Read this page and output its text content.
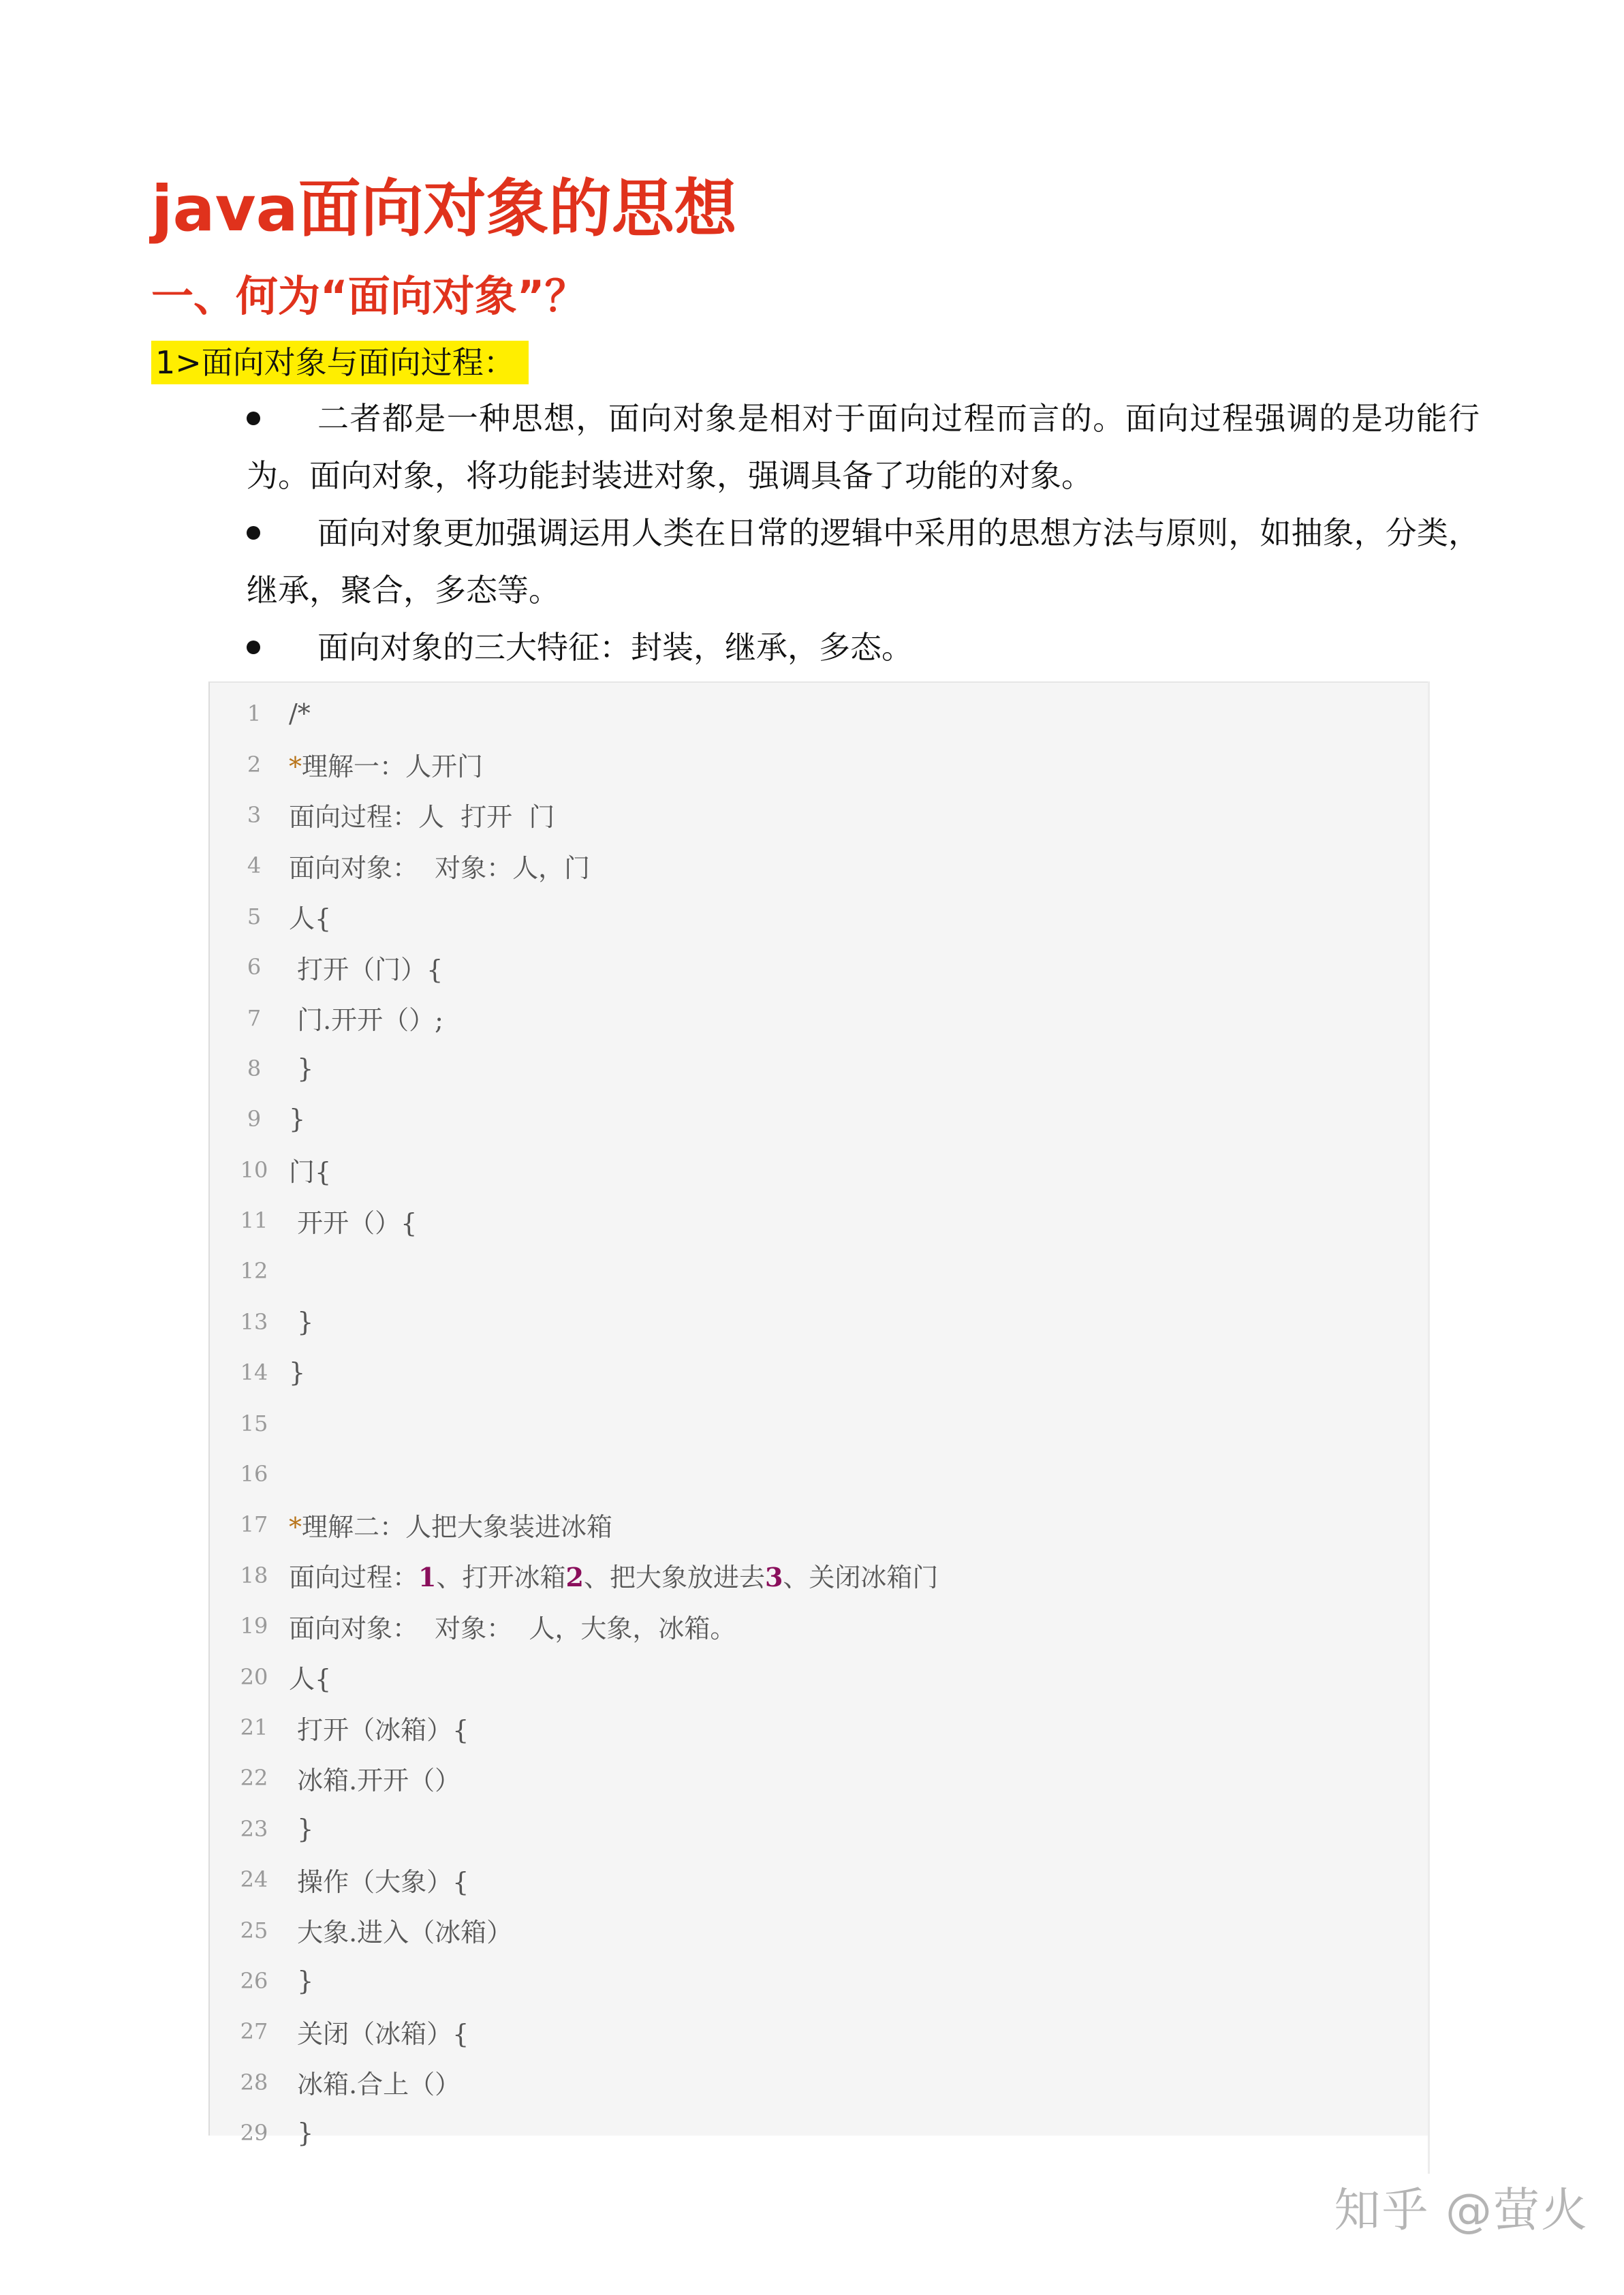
java面向对象的思想
一、何为“面向对象”？
1>面向对象与面向过程：
二者都是一种思想，面向对象是相对于面向过程而言的。面向过程强调的是功能行为。面向对象，将功能封装进对象，强调具备了功能的对象。
面向对象更加强调运用人类在日常的逻辑中采用的思想方法与原则，如抽象，分类，继承，聚合，多态等。
面向对象的三大特征：封装，继承，多态。
1	/*
2	*理解一：人开门
3	面向过程：人  打开  门
4	面向对象：  对象：人，门
5	人{
6	打开（门）{
7	门.开开（）;
8	}
9	}
10 门{
11 开开（）{
12
13 }
14 }
15
16
17 *理解二：人把大象装进冰箱
18 面向过程：1、打开冰箱2、把大象放进去3、关闭冰箱门
19 面向对象：  对象：  人，大象，冰箱。
20 人{
21 打开（冰箱）{
22 冰箱.开开（）
23 }
24 操作（大象）{
25 大象.进入（冰箱）
26 }
27 关闭（冰箱）{
28 冰箱.合上（）
29 }
知乎 @萤火
